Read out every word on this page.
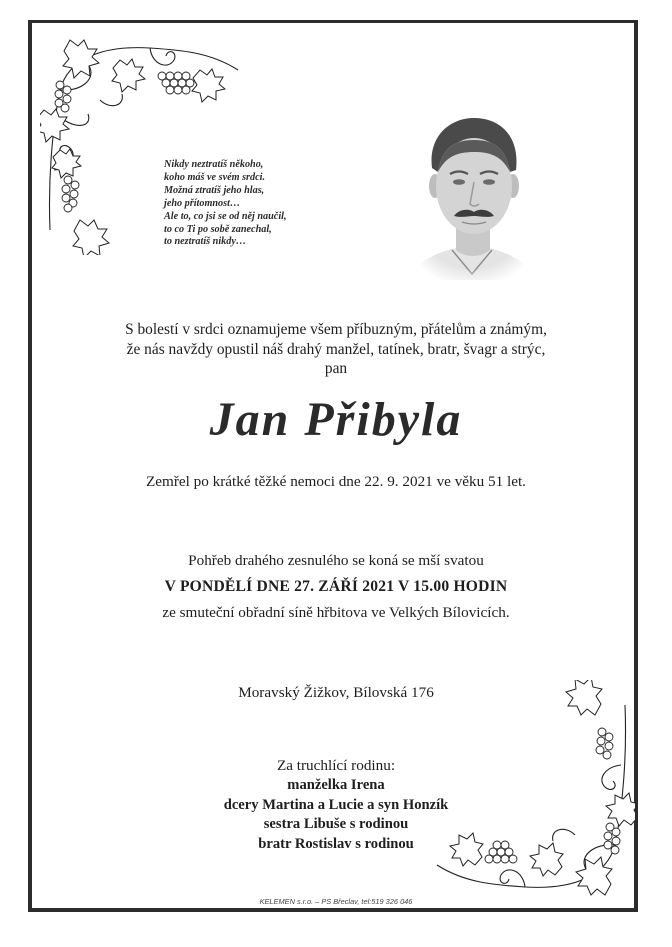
Nikdy neztratíš někoho,
koho máš ve svém srdci.
Možná ztratíš jeho hlas,
jeho přítomnost…
Ale to, co jsi se od něj naučil,
to co Ti po sobě zanechal,
to neztratíš nikdy…
S bolestí v srdci oznamujeme všem příbuzným, přátelům a známým,
že nás navždy opustil náš drahý manžel, tatínek, bratr, švagr a strýc,
pan
Jan Přibyla
Zemřel po krátké těžké nemoci dne 22. 9. 2021 ve věku 51 let.
Pohřeb drahého zesnulého se koná se mší svatou
V PONDĚLÍ DNE 27. ZÁŘÍ 2021 V 15.00 HODIN
ze smuteční obřadní síně hřbitova ve Velkých Bílovicích.
Moravský Žižkov, Bílovská 176
Za truchlící rodinu:
manželka Irena
dcery Martina a Lucie a syn Honzík
sestra Libuše s rodinou
bratr Rostislav s rodinou
KELEMEN s.r.o. – PS Břeclav, tel:519 326 046
